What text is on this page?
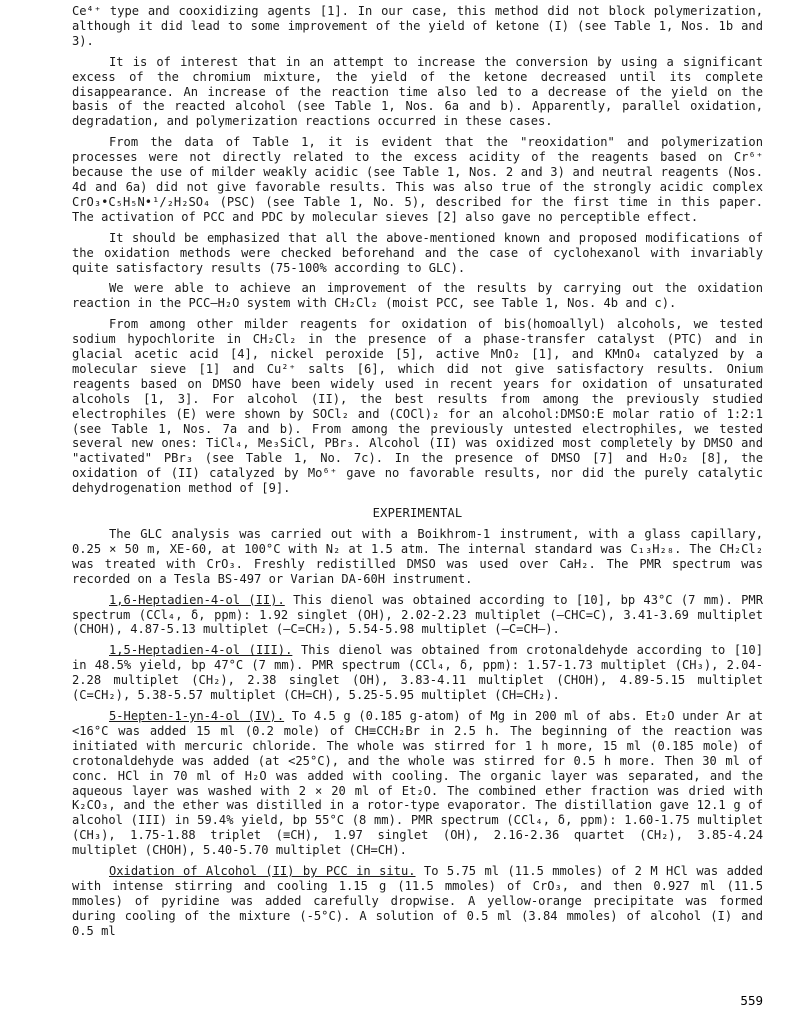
Ce⁴⁺ type and cooxidizing agents [1]. In our case, this method did not block polymerization, although it did lead to some improvement of the yield of ketone (I) (see Table 1, Nos. 1b and 3).

It is of interest that in an attempt to increase the conversion by using a significant excess of the chromium mixture, the yield of the ketone decreased until its complete disappearance. An increase of the reaction time also led to a decrease of the yield on the basis of the reacted alcohol (see Table 1, Nos. 6a and b). Apparently, parallel oxidation, degradation, and polymerization reactions occurred in these cases.

From the data of Table 1, it is evident that the "reoxidation" and polymerization processes were not directly related to the excess acidity of the reagents based on Cr⁶⁺ because the use of milder weakly acidic (see Table 1, Nos. 2 and 3) and neutral reagents (Nos. 4d and 6a) did not give favorable results. This was also true of the strongly acidic complex CrO₃•C₅H₅N•¹/₂H₂SO₄ (PSC) (see Table 1, No. 5), described for the first time in this paper. The activation of PCC and PDC by molecular sieves [2] also gave no perceptible effect.

It should be emphasized that all the above-mentioned known and proposed modifications of the oxidation methods were checked beforehand and the case of cyclohexanol with invariably quite satisfactory results (75-100% according to GLC).

We were able to achieve an improvement of the results by carrying out the oxidation reaction in the PCC—H₂O system with CH₂Cl₂ (moist PCC, see Table 1, Nos. 4b and c).

From among other milder reagents for oxidation of bis(homoallyl) alcohols, we tested sodium hypochlorite in CH₂Cl₂ in the presence of a phase-transfer catalyst (PTC) and in glacial acetic acid [4], nickel peroxide [5], active MnO₂ [1], and KMnO₄ catalyzed by a molecular sieve [1] and Cu²⁺ salts [6], which did not give satisfactory results. Onium reagents based on DMSO have been widely used in recent years for oxidation of unsaturated alcohols [1, 3]. For alcohol (II), the best results from among the previously studied electrophiles (E) were shown by SOCl₂ and (COCl)₂ for an alcohol:DMSO:E molar ratio of 1:2:1 (see Table 1, Nos. 7a and b). From among the previously untested electrophiles, we tested several new ones: TiCl₄, Me₃SiCl, PBr₃. Alcohol (II) was oxidized most completely by DMSO and "activated" PBr₃ (see Table 1, No. 7c). In the presence of DMSO [7] and H₂O₂ [8], the oxidation of (II) catalyzed by Mo⁶⁺ gave no favorable results, nor did the purely catalytic dehydrogenation method of [9].

EXPERIMENTAL

The GLC analysis was carried out with a Boikhrom-1 instrument, with a glass capillary, 0.25 × 50 m, XE-60, at 100°C with N₂ at 1.5 atm. The internal standard was C₁₃H₂₈. The CH₂Cl₂ was treated with CrO₃. Freshly redistilled DMSO was used over CaH₂. The PMR spectrum was recorded on a Tesla BS-497 or Varian DA-60H instrument.

1,6-Heptadien-4-ol (II). This dienol was obtained according to [10], bp 43°C (7 mm). PMR spectrum (CCl₄, δ, ppm): 1.92 singlet (OH), 2.02-2.23 multiplet (—CHC=C), 3.41-3.69 multiplet (CHOH), 4.87-5.13 multiplet (—C=CH₂), 5.54-5.98 multiplet (—C=CH—).

1,5-Heptadien-4-ol (III). This dienol was obtained from crotonaldehyde according to [10] in 48.5% yield, bp 47°C (7 mm). PMR spectrum (CCl₄, δ, ppm): 1.57-1.73 multiplet (CH₃), 2.04-2.28 multiplet (CH₂), 2.38 singlet (OH), 3.83-4.11 multiplet (CHOH), 4.89-5.15 multiplet (C=CH₂), 5.38-5.57 multiplet (CH=CH), 5.25-5.95 multiplet (CH=CH₂).

5-Hepten-1-yn-4-ol (IV). To 4.5 g (0.185 g-atom) of Mg in 200 ml of abs. Et₂O under Ar at <16°C was added 15 ml (0.2 mole) of CH≡CCH₂Br in 2.5 h. The beginning of the reaction was initiated with mercuric chloride. The whole was stirred for 1 h more, 15 ml (0.185 mole) of crotonaldehyde was added (at <25°C), and the whole was stirred for 0.5 h more. Then 30 ml of conc. HCl in 70 ml of H₂O was added with cooling. The organic layer was separated, and the aqueous layer was washed with 2 × 20 ml of Et₂O. The combined ether fraction was dried with K₂CO₃, and the ether was distilled in a rotor-type evaporator. The distillation gave 12.1 g of alcohol (III) in 59.4% yield, bp 55°C (8 mm). PMR spectrum (CCl₄, δ, ppm): 1.60-1.75 multiplet (CH₃), 1.75-1.88 triplet (≡CH), 1.97 singlet (OH), 2.16-2.36 quartet (CH₂), 3.85-4.24 multiplet (CHOH), 5.40-5.70 multiplet (CH=CH).

Oxidation of Alcohol (II) by PCC in situ. To 5.75 ml (11.5 mmoles) of 2 M HCl was added with intense stirring and cooling 1.15 g (11.5 mmoles) of CrO₃, and then 0.927 ml (11.5 mmoles) of pyridine was added carefully dropwise. A yellow-orange precipitate was formed during cooling of the mixture (-5°C). A solution of 0.5 ml (3.84 mmoles) of alcohol (I) and 0.5 ml

559
